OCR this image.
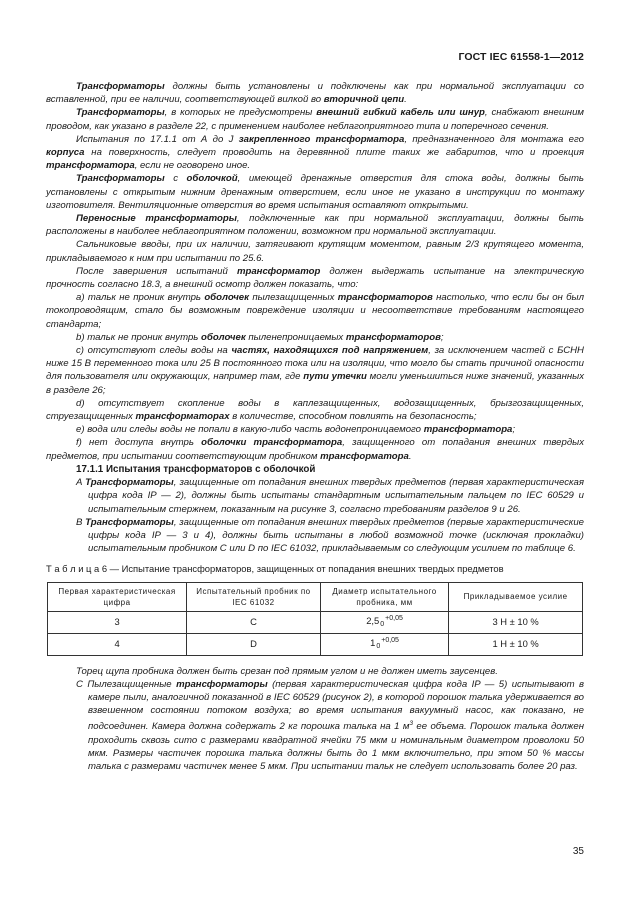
ГОСТ IEC 61558-1—2012

Трансформаторы должны быть установлены и подключены как при нормальной эксплуатации со вставленной, при ее наличии, соответствующей вилкой во вторичной цепи.

Трансформаторы, в которых не предусмотрены внешний гибкий кабель или шнур, снабжают внешним проводом, как указано в разделе 22, с применением наиболее неблагоприятного типа и поперечного сечения.

Испытания по 17.1.1 от А до J закрепленного трансформатора, предназначенного для монтажа его корпуса на поверхность, следует проводить на деревянной плите таких же габаритов, что и проекция трансформатора, если не оговорено иное.

Трансформаторы с оболочкой, имеющей дренажные отверстия для стока воды, должны быть установлены с открытым нижним дренажным отверстием, если иное не указано в инструкции по монтажу изготовителя. Вентиляционные отверстия во время испытания оставляют открытыми.

Переносные трансформаторы, подключенные как при нормальной эксплуатации, должны быть расположены в наиболее неблагоприятном положении, возможном при нормальной эксплуатации.

Сальниковые вводы, при их наличии, затягивают крутящим моментом, равным 2/3 крутящего момента, прикладываемого к ним при испытании по 25.6.

После завершения испытаний трансформатор должен выдержать испытание на электрическую прочность согласно 18.3, а внешний осмотр должен показать, что:

а) тальк не проник внутрь оболочек пылезащищенных трансформаторов настолько, что если бы он был токопроводящим, стало бы возможным повреждение изоляции и несоответствие требованиям настоящего стандарта;

b) тальк не проник внутрь оболочек пыленепроницаемых трансформаторов;

c) отсутствуют следы воды на частях, находящихся под напряжением, за исключением частей с БСНН ниже 15 В переменного тока или 25 В постоянного тока или на изоляции, что могло бы стать причиной опасности для пользователя или окружающих, например там, где пути утечки могли уменьшиться ниже значений, указанных в разделе 26;

d) отсутствует скопление воды в каплезащищенных, водозащищенных, брызгозащищенных, струезащищенных трансформаторах в количестве, способном повлиять на безопасность;

e) вода или следы воды не попали в какую-либо часть водонепроницаемого трансформатора;

f) нет доступа внутрь оболочки трансформатора, защищенного от попадания внешних твердых предметов, при испытании соответствующим пробником трансформатора.

17.1.1 Испытания трансформаторов с оболочкой

A Трансформаторы, защищенные от попадания внешних твердых предметов (первая характеристическая цифра кода IP — 2), должны быть испытаны стандартным испытательным пальцем по IEC 60529 и испытательным стержнем, показанным на рисунке 3, согласно требованиям разделов 9 и 26.

B Трансформаторы, защищенные от попадания внешних твердых предметов (первые характеристические цифры кода IP — 3 и 4), должны быть испытаны в любой возможной точке (исключая прокладки) испытательным пробником C или D по IEC 61032, прикладываемым со следующим усилием по таблице 6.

Т а б л и ц а 6 — Испытание трансформаторов, защищенных от попадания внешних твердых предметов

Первая характеристическая цифра	Испытательный пробник по IEC 61032	Диаметр испытательного пробника, мм	Прикладываемое усилие
3	C	$2,5_0^{+0,05}$	3 Н ± 10 %
4	D	$1_0^{+0,05}$	1 Н ± 10 %

Торец щупа пробника должен быть срезан под прямым углом и не должен иметь заусенцев.

C Пылезащищенные трансформаторы (первая характеристическая цифра кода IP — 5) испытывают в камере пыли, аналогичной показанной в IEC 60529 (рисунок 2), в которой порошок талька удерживается во взвешенном состоянии потоком воздуха; во время испытания вакуумный насос, как показано, не подсоединен. Камера должна содержать 2 кг порошка талька на 1 $м^3$ ее объема. Порошок талька должен проходить сквозь сито с размерами квадратной ячейки 75 мкм и номинальным диаметром проволоки 50 мкм. Размеры частичек порошка талька должны быть до 1 мкм включительно, при этом 50 % массы талька с размерами частичек менее 5 мкм. При испытании тальк не следует использовать более 20 раз.

35
